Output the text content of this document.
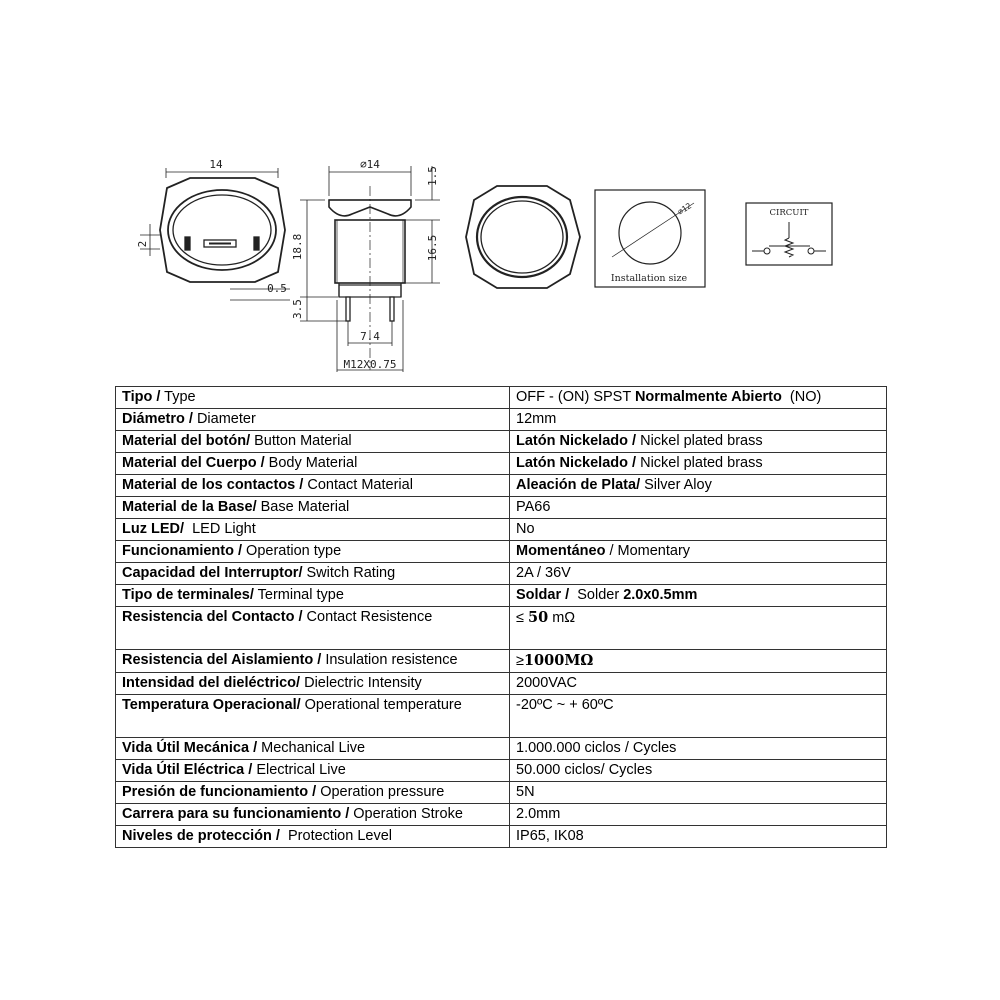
14
2
⌀14
1.5
18.8	16.5
0.5
3.5
7.4
M12X0.75
⌀12
Installation size
CIRCUIT
Tipo / Type	OFF - (ON) SPST Normalmente Abierto  (NO)
Diámetro / Diameter	12mm
Material del botón/ Button Material	Latón Nickelado / Nickel plated brass
Material del Cuerpo / Body Material	Latón Nickelado / Nickel plated brass
Material de los contactos / Contact Material	Aleación de Plata/ Silver Aloy
Material de la Base/ Base Material	PA66
Luz LED/  LED Light	No
Funcionamiento / Operation type	Momentáneo / Momentary
Capacidad del Interruptor/ Switch Rating	2A / 36V
Tipo de terminales/ Terminal type	Soldar /  Solder 2.0x0.5mm
Resistencia del Contacto / Contact Resistence	≤ 50 mΩ
Resistencia del Aislamiento / Insulation resistence	≥1000MΩ
Intensidad del dieléctrico/ Dielectric Intensity	2000VAC
Temperatura Operacional/ Operational temperature	-20ºC ~ + 60ºC
Vida Útil Mecánica / Mechanical Live	1.000.000 ciclos / Cycles
Vida Útil Eléctrica / Electrical Live	50.000 ciclos/ Cycles
Presión de funcionamiento / Operation pressure	5N
Carrera para su funcionamiento / Operation Stroke	2.0mm
Niveles de protección /  Protection Level	IP65, IK08
